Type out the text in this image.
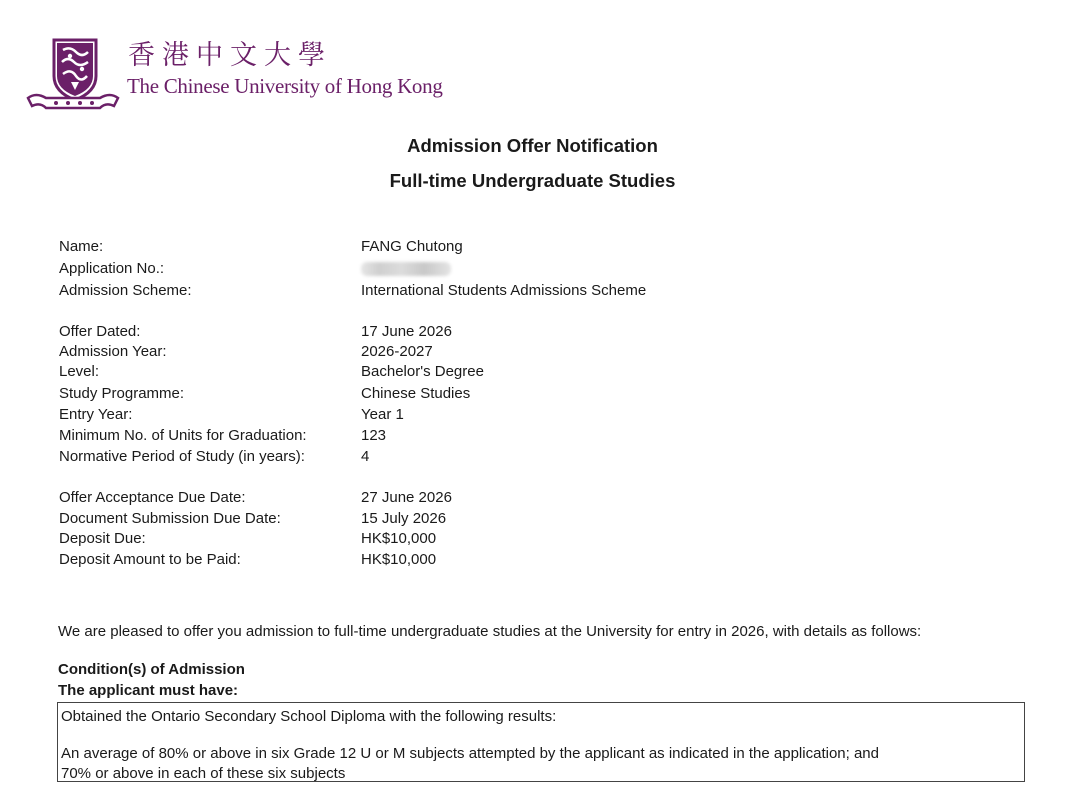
香港中文大學
The Chinese University of Hong Kong
Admission Offer Notification
Full-time Undergraduate Studies
Name:	FANG Chutong
Application No.:
Admission Scheme:	International Students Admissions Scheme
Offer Dated:	17 June 2026
Admission Year:	2026-2027
Level:	Bachelor's Degree
Study Programme:	Chinese Studies
Entry Year:	Year 1
Minimum No. of Units for Graduation:	123
Normative Period of Study (in years):	4
Offer Acceptance Due Date:	27 June 2026
Document Submission Due Date:	15 July 2026
Deposit Due:	HK$10,000
Deposit Amount to be Paid:	HK$10,000
We are pleased to offer you admission to full-time undergraduate studies at the University for entry in 2026, with details as follows:
Condition(s) of Admission
The applicant must have:
Obtained the Ontario Secondary School Diploma with the following results:
An average of 80% or above in six Grade 12 U or M subjects attempted by the applicant as indicated in the application; and
70% or above in each of these six subjects
